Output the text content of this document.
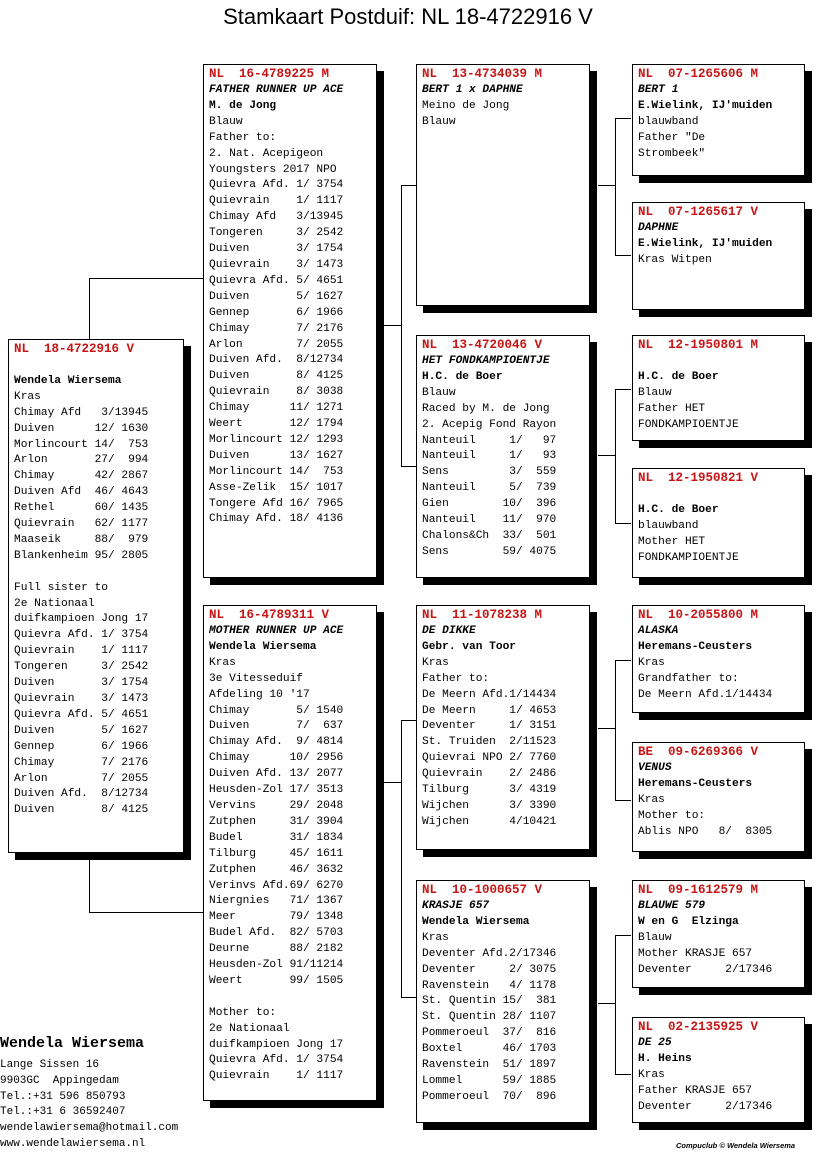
Stamkaart Postduif: NL 18-4722916 V
NL  18-4722916 V
Wendela Wiersema
Kras
Chimay Afd   3/13945
Duiven      12/ 1630
Morlincourt 14/  753
Arlon       27/  994
Chimay      42/ 2867
Duiven Afd  46/ 4643
Rethel      60/ 1435
Quievrain   62/ 1177
Maaseik     88/  979
Blankenheim 95/ 2805
Full sister to
2e Nationaal
duifkampioen Jong 17
Quievra Afd. 1/ 3754
Quievrain    1/ 1117
Tongeren     3/ 2542
Duiven       3/ 1754
Quievrain    3/ 1473
Quievra Afd. 5/ 4651
Duiven       5/ 1627
Gennep       6/ 1966
Chimay       7/ 2176
Arlon        7/ 2055
Duiven Afd.  8/12734
Duiven       8/ 4125
NL  16-4789225 M
FATHER RUNNER UP ACE
M. de Jong
Blauw
Father to:
2. Nat. Acepigeon
Youngsters 2017 NPO
Quievra Afd. 1/ 3754
Quievrain    1/ 1117
Chimay Afd   3/13945
Tongeren     3/ 2542
Duiven       3/ 1754
Quievrain    3/ 1473
Quievra Afd. 5/ 4651
Duiven       5/ 1627
Gennep       6/ 1966
Chimay       7/ 2176
Arlon        7/ 2055
Duiven Afd.  8/12734
Duiven       8/ 4125
Quievrain    8/ 3038
Chimay      11/ 1271
Weert       12/ 1794
Morlincourt 12/ 1293
Duiven      13/ 1627
Morlincourt 14/  753
Asse-Zelik  15/ 1017
Tongere Afd 16/ 7965
Chimay Afd. 18/ 4136
NL  16-4789311 V
MOTHER RUNNER UP ACE
Wendela Wiersema
Kras
3e Vitesseduif
Afdeling 10 '17
Chimay       5/ 1540
Duiven       7/  637
Chimay Afd.  9/ 4814
Chimay      10/ 2956
Duiven Afd. 13/ 2077
Heusden-Zol 17/ 3513
Vervins     29/ 2048
Zutphen     31/ 3904
Budel       31/ 1834
Tilburg     45/ 1611
Zutphen     46/ 3632
Verinvs Afd.69/ 6270
Niergnies   71/ 1367
Meer        79/ 1348
Budel Afd.  82/ 5703
Deurne      88/ 2182
Heusden-Zol 91/11214
Weert       99/ 1505
Mother to:
2e Nationaal
duifkampioen Jong 17
Quievra Afd. 1/ 3754
Quievrain    1/ 1117
NL  13-4734039 M
BERT 1 x DAPHNE
Meino de Jong
Blauw
NL  13-4720046 V
HET FONDKAMPIOENTJE
H.C. de Boer
Blauw
Raced by M. de Jong
2. Acepig Fond Rayon
Nanteuil     1/   97
Nanteuil     1/   93
Sens         3/  559
Nanteuil     5/  739
Gien        10/  396
Nanteuil    11/  970
Chalons&Ch  33/  501
Sens        59/ 4075
NL  11-1078238 M
DE DIKKE
Gebr. van Toor
Kras
Father to:
De Meern Afd.1/14434
De Meern     1/ 4653
Deventer     1/ 3151
St. Truiden  2/11523
Quievrai NPO 2/ 7760
Quievrain    2/ 2486
Tilburg      3/ 4319
Wijchen      3/ 3390
Wijchen      4/10421
NL  10-1000657 V
KRASJE 657
Wendela Wiersema
Kras
Deventer Afd.2/17346
Deventer     2/ 3075
Ravenstein   4/ 1178
St. Quentin 15/  381
St. Quentin 28/ 1107
Pommeroeul  37/  816
Boxtel      46/ 1703
Ravenstein  51/ 1897
Lommel      59/ 1885
Pommeroeul  70/  896
NL  07-1265606 M
BERT 1
E.Wielink, IJ'muiden
blauwband
Father "De
Strombeek"
NL  07-1265617 V
DAPHNE
E.Wielink, IJ'muiden
Kras Witpen
NL  12-1950801 M
H.C. de Boer
Blauw
Father HET
FONDKAMPIOENTJE
NL  12-1950821 V
H.C. de Boer
blauwband
Mother HET
FONDKAMPIOENTJE
NL  10-2055800 M
ALASKA
Heremans-Ceusters
Kras
Grandfather to:
De Meern Afd.1/14434
BE  09-6269366 V
VENUS
Heremans-Ceusters
Kras
Mother to:
Ablis NPO   8/  8305
NL  09-1612579 M
BLAUWE 579
W en G  Elzinga
Blauw
Mother KRASJE 657
Deventer     2/17346
NL  02-2135925 V
DE 25
H. Heins
Kras
Father KRASJE 657
Deventer     2/17346
Wendela Wiersema
Lange Sissen 16
9903GC  Appingedam
Tel.:+31 596 850793
Tel.:+31 6 36592407
wendelawiersema@hotmail.com
www.wendelawiersema.nl	Compuclub © Wendela Wiersema
